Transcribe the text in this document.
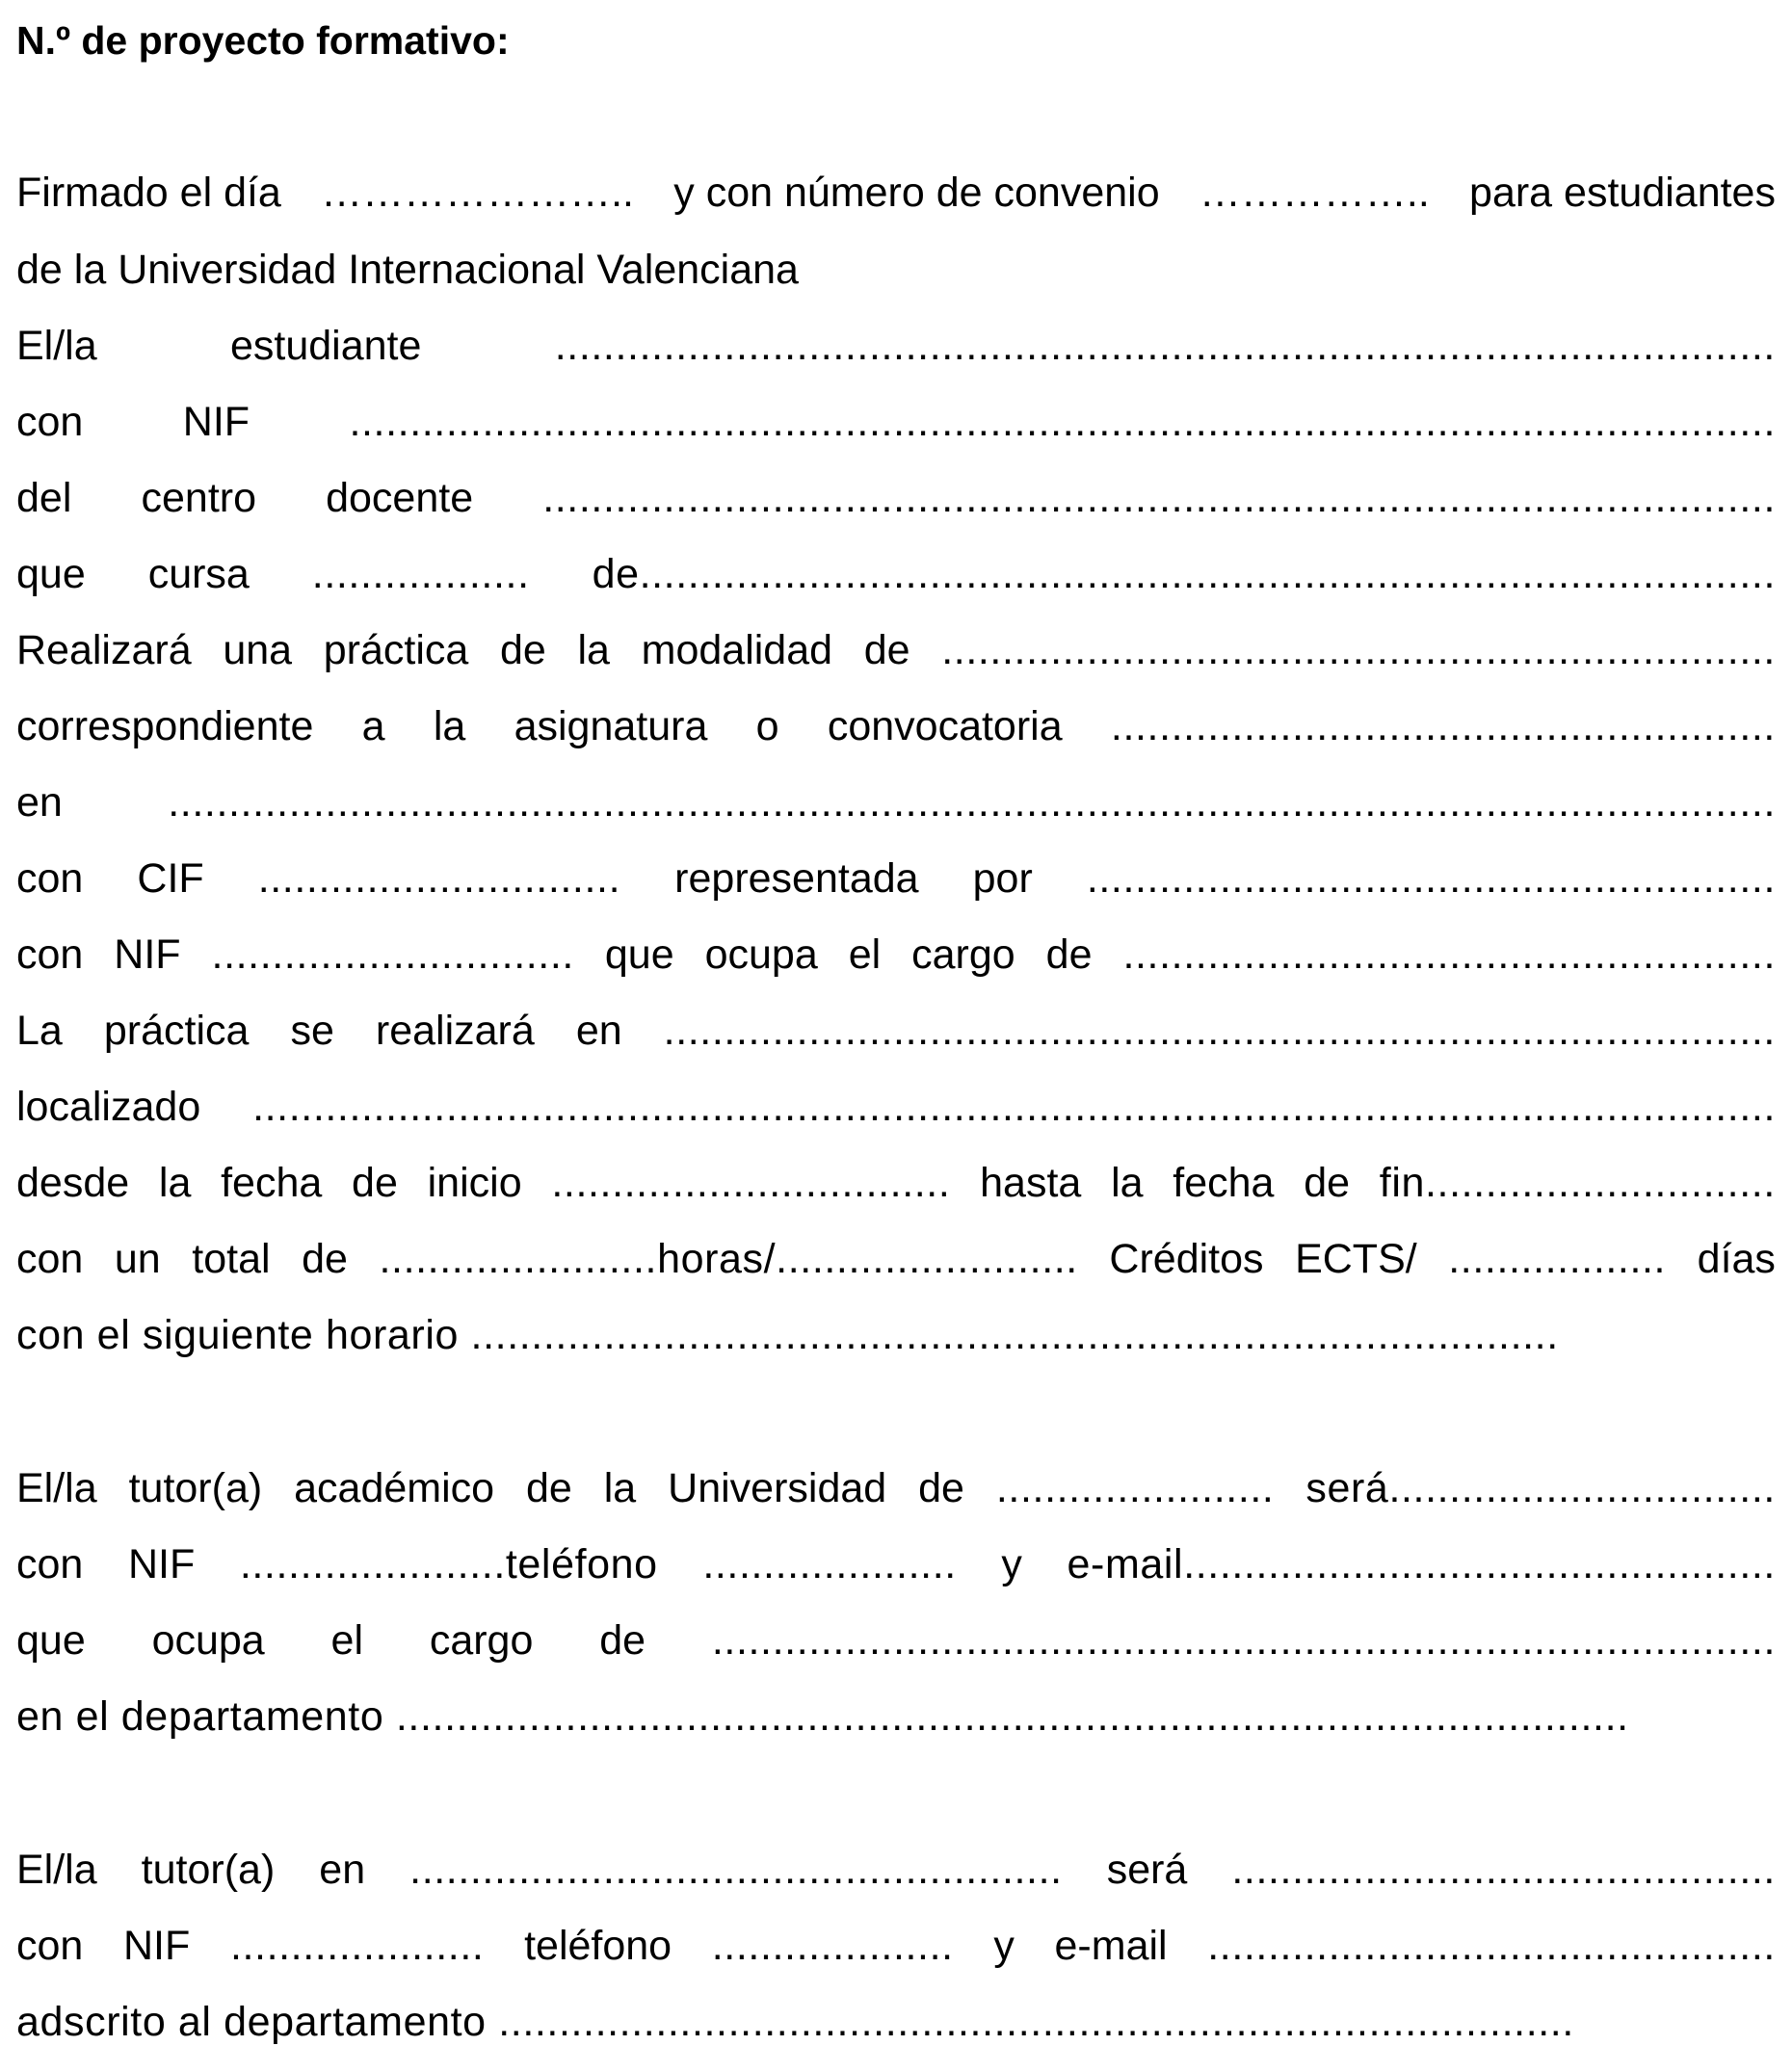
N.º de proyecto formativo:
Firmado el día ………………….. y con número de convenio …………….. para estudiantes
de la Universidad Internacional Valenciana
El/la	estudiante	.....................................................................................................
con NIF ......................................................................................................................
del centro docente ......................................................................................................
que cursa .................. de..............................................................................................
Realizará una práctica de la modalidad de .....................................................................
correspondiente a la asignatura o convocatoria .......................................................
en	.....................................................................................................................................
con CIF .............................. representada por .........................................................
con NIF .............................. que ocupa el cargo de ......................................................
La práctica se realizará en ............................................................................................
localizado ..............................................................................................................................
desde la fecha de inicio ................................. hasta la fecha de fin.............................
con un total de .......................horas/......................... Créditos ECTS/ .................. días
con el siguiente horario ..........................................................................................
El/la tutor(a) académico de la Universidad de ....................... será................................
con NIF ......................teléfono ..................... y e-mail.................................................
que ocupa el cargo de ........................................................................................
en el departamento ......................................................................................................
El/la tutor(a) en ...................................................... será .............................................
con NIF ..................... teléfono .................... y e-mail ...............................................
adscrito al departamento .........................................................................................
